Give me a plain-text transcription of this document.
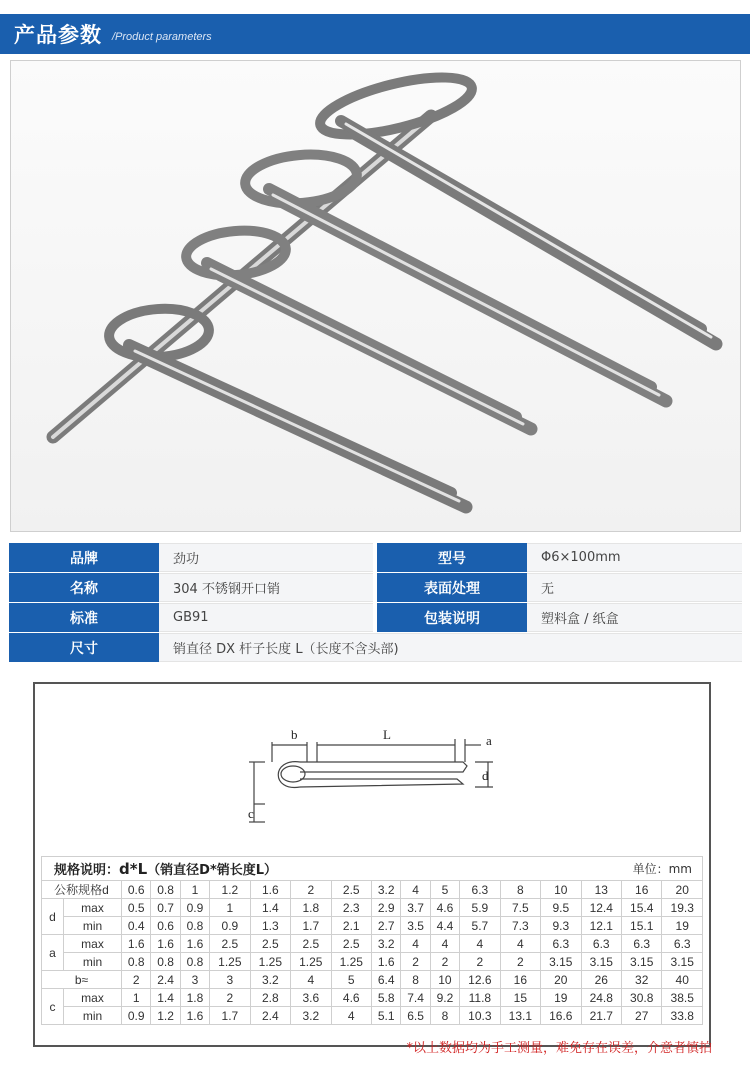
产品参数 /Product parameters
品牌	劲功	型号	Φ6×100mm
名称	304 不锈钢开口销	表面处理	无
标准	GB91	包装说明	塑料盒 / 纸盒
尺寸	销直径 DX 杆子长度 L（长度不含头部)
b	L	a
d
c
规格说明：d*L（销直径D*销长度L）	单位：mm
公称规格d		0.6	0.8	1	1.2	1.6	2	2.5	3.2	4	5	6.3	8	10	13	16	20
d	max	0.5	0.7	0.9	1	1.4	1.8	2.3	2.9	3.7	4.6	5.9	7.5	9.5	12.4	15.4	19.3
	min	0.4	0.6	0.8	0.9	1.3	1.7	2.1	2.7	3.5	4.4	5.7	7.3	9.3	12.1	15.1	19
a	max	1.6	1.6	1.6	2.5	2.5	2.5	2.5	3.2	4	4	4	4	6.3	6.3	6.3	6.3
	min	0.8	0.8	0.8	1.25	1.25	1.25	1.25	1.6	2	2	2	2	3.15	3.15	3.15	3.15
b≈		2	2.4	3	3	3.2	4	5	6.4	8	10	12.6	16	20	26	32	40
c	max	1	1.4	1.8	2	2.8	3.6	4.6	5.8	7.4	9.2	11.8	15	19	24.8	30.8	38.5
	min	0.9	1.2	1.6	1.7	2.4	3.2	4	5.1	6.5	8	10.3	13.1	16.6	21.7	27	33.8
*以上数据均为手工测量，难免存在误差，介意者慎拍
